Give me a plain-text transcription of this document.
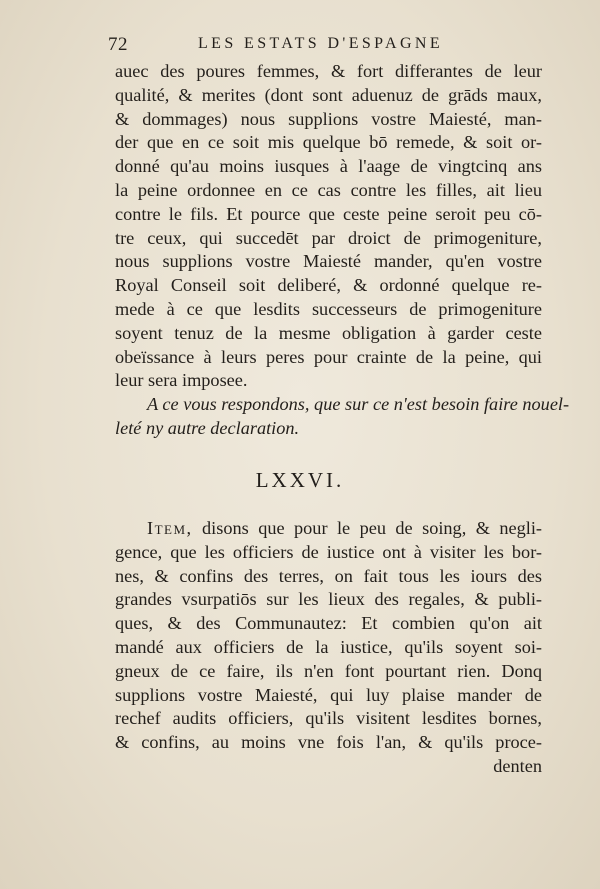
72	LES ESTATS D'ESPAGNE
auec des poures femmes, & fort differantes de leur
qualité, & merites (dont sont aduenuz de grāds maux,
& dommages) nous supplions vostre Maiesté, man-
der que en ce soit mis quelque bō remede, & soit or-
donné qu'au moins iusques à l'aage de vingtcinq ans
la peine ordonnee en ce cas contre les filles, ait lieu
contre le fils. Et pource que ceste peine seroit peu cō-
tre ceux, qui succedēt par droict de primogeniture,
nous supplions vostre Maiesté mander, qu'en vostre
Royal Conseil soit deliberé, & ordonné quelque re-
mede à ce que lesdits successeurs de primogeniture
soyent tenuz de la mesme obligation à garder ceste
obeïssance à leurs peres pour crainte de la peine, qui
leur sera imposee.
A ce vous respondons, que sur ce n'est besoin faire nouel-
leté ny autre declaration.
LXXVI.
Item, disons que pour le peu de soing, & negli-
gence, que les officiers de iustice ont à visiter les bor-
nes, & confins des terres, on fait tous les iours des
grandes vsurpatiōs sur les lieux des regales, & publi-
ques, & des Communautez: Et combien qu'on ait
mandé aux officiers de la iustice, qu'ils soyent soi-
gneux de ce faire, ils n'en font pourtant rien. Donq
supplions vostre Maiesté, qui luy plaise mander de
rechef audits officiers, qu'ils visitent lesdites bornes,
& confins, au moins vne fois l'an, & qu'ils proce-
denten
